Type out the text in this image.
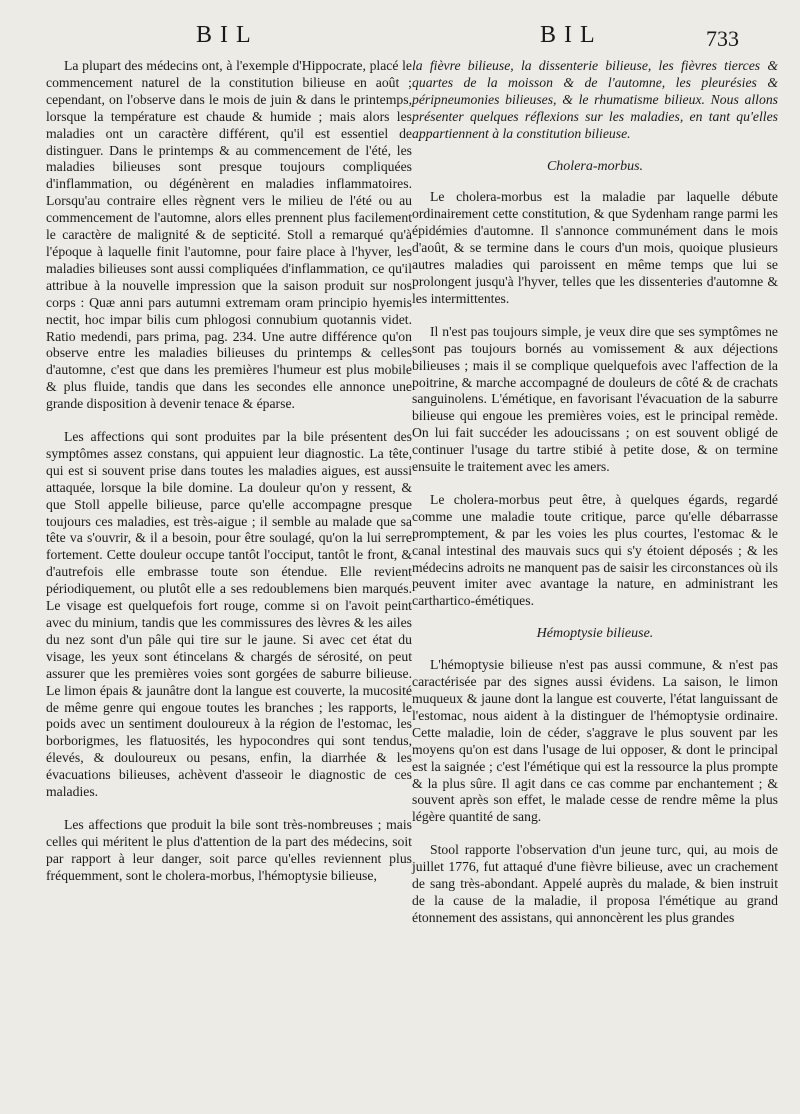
BIL	BIL	733

La plupart des médecins ont, à l'exemple d'Hippocrate, placé le commencement naturel de la constitution bilieuse en août ; cependant, on l'observe dans le mois de juin & dans le printemps, lorsque la température est chaude & humide ; mais alors les maladies ont un caractère différent, qu'il est essentiel de distinguer. Dans le printemps & au commencement de l'été, les maladies bilieuses sont presque toujours compliquées d'inflammation, ou dégénèrent en maladies inflammatoires. Lorsqu'au contraire elles règnent vers le milieu de l'été ou au commencement de l'automne, alors elles prennent plus facilement le caractère de malignité & de septicité. Stoll a remarqué qu'à l'époque à laquelle finit l'automne, pour faire place à l'hyver, les maladies bilieuses sont aussi compliquées d'inflammation, ce qu'il attribue à la nouvelle impression que la saison produit sur nos corps : Quæ anni pars autumni extremam oram principio hyemis nectit, hoc impar bilis cum phlogosi connubium quotannis videt. Ratio medendi, pars prima, pag. 234. Une autre différence qu'on observe entre les maladies bilieuses du printemps & celles d'automne, c'est que dans les premières l'humeur est plus mobile & plus fluide, tandis que dans les secondes elle annonce une grande disposition à devenir tenace & éparse.

Les affections qui sont produites par la bile présentent des symptômes assez constans, qui appuient leur diagnostic. La tête, qui est si souvent prise dans toutes les maladies aigues, est aussi attaquée, lorsque la bile domine. La douleur qu'on y ressent, & que Stoll appelle bilieuse, parce qu'elle accompagne presque toujours ces maladies, est très-aigue ; il semble au malade que sa tête va s'ouvrir, & il a besoin, pour être soulagé, qu'on la lui serre fortement. Cette douleur occupe tantôt l'occiput, tantôt le front, & d'autrefois elle embrasse toute son étendue. Elle revient périodiquement, ou plutôt elle a ses redoublemens bien marqués. Le visage est quelquefois fort rouge, comme si on l'avoit peint avec du minium, tandis que les commissures des lèvres & les ailes du nez sont d'un pâle qui tire sur le jaune. Si avec cet état du visage, les yeux sont étincelans & chargés de sérosité, on peut assurer que les premières voies sont gorgées de saburre bilieuse. Le limon épais & jaunâtre dont la langue est couverte, la mucosité de même genre qui engoue toutes les branches ; les rapports, le poids avec un sentiment douloureux à la région de l'estomac, les borborigmes, les flatuosités, les hypocondres qui sont tendus, élevés, & douloureux ou pesans, enfin, la diarrhée & les évacuations bilieuses, achèvent d'asseoir le diagnostic de ces maladies.

Les affections que produit la bile sont très-nombreuses ; mais celles qui méritent le plus d'attention de la part des médecins, soit par rapport à leur danger, soit parce qu'elles reviennent plus fréquemment, sont le cholera-morbus, l'hémoptysie bilieuse,

la fièvre bilieuse, la dissenterie bilieuse, les fièvres tierces & quartes de la moisson & de l'automne, les pleurésies & péripneumonies bilieuses, & le rhumatisme bilieux. Nous allons présenter quelques réflexions sur les maladies, en tant qu'elles appartiennent à la constitution bilieuse.

Cholera-morbus.

Le cholera-morbus est la maladie par laquelle débute ordinairement cette constitution, & que Sydenham range parmi les épidémies d'automne. Il s'annonce communément dans le mois d'août, & se termine dans le cours d'un mois, quoique plusieurs autres maladies qui paroissent en même temps que lui se prolongent jusqu'à l'hyver, telles que les dissenteries d'automne & les intermittentes.

Il n'est pas toujours simple, je veux dire que ses symptômes ne sont pas toujours bornés au vomissement & aux déjections bilieuses ; mais il se complique quelquefois avec l'affection de la poitrine, & marche accompagné de douleurs de côté & de crachats sanguinolens. L'émétique, en favorisant l'évacuation de la saburre bilieuse qui engoue les premières voies, est le principal remède. On lui fait succéder les adoucissans ; on est souvent obligé de continuer l'usage du tartre stibié à petite dose, & on termine ensuite le traitement avec les amers.

Le cholera-morbus peut être, à quelques égards, regardé comme une maladie toute critique, parce qu'elle débarrasse promptement, & par les voies les plus courtes, l'estomac & le canal intestinal des mauvais sucs qui s'y étoient déposés ; & les médecins adroits ne manquent pas de saisir les circonstances où ils peuvent imiter avec avantage la nature, en administrant les carthartico-émétiques.

Hémoptysie bilieuse.

L'hémoptysie bilieuse n'est pas aussi commune, & n'est pas caractérisée par des signes aussi évidens. La saison, le limon muqueux & jaune dont la langue est couverte, l'état languissant de l'estomac, nous aident à la distinguer de l'hémoptysie ordinaire. Cette maladie, loin de céder, s'aggrave le plus souvent par les moyens qu'on est dans l'usage de lui opposer, & dont le principal est la saignée ; c'est l'émétique qui est la ressource la plus prompte & la plus sûre. Il agit dans ce cas comme par enchantement ; & souvent après son effet, le malade cesse de rendre même la plus légère quantité de sang.

Stool rapporte l'observation d'un jeune turc, qui, au mois de juillet 1776, fut attaqué d'une fièvre bilieuse, avec un crachement de sang très-abondant. Appelé auprès du malade, & bien instruit de la cause de la maladie, il proposa l'émétique au grand étonnement des assistans, qui annoncèrent les plus grandes
